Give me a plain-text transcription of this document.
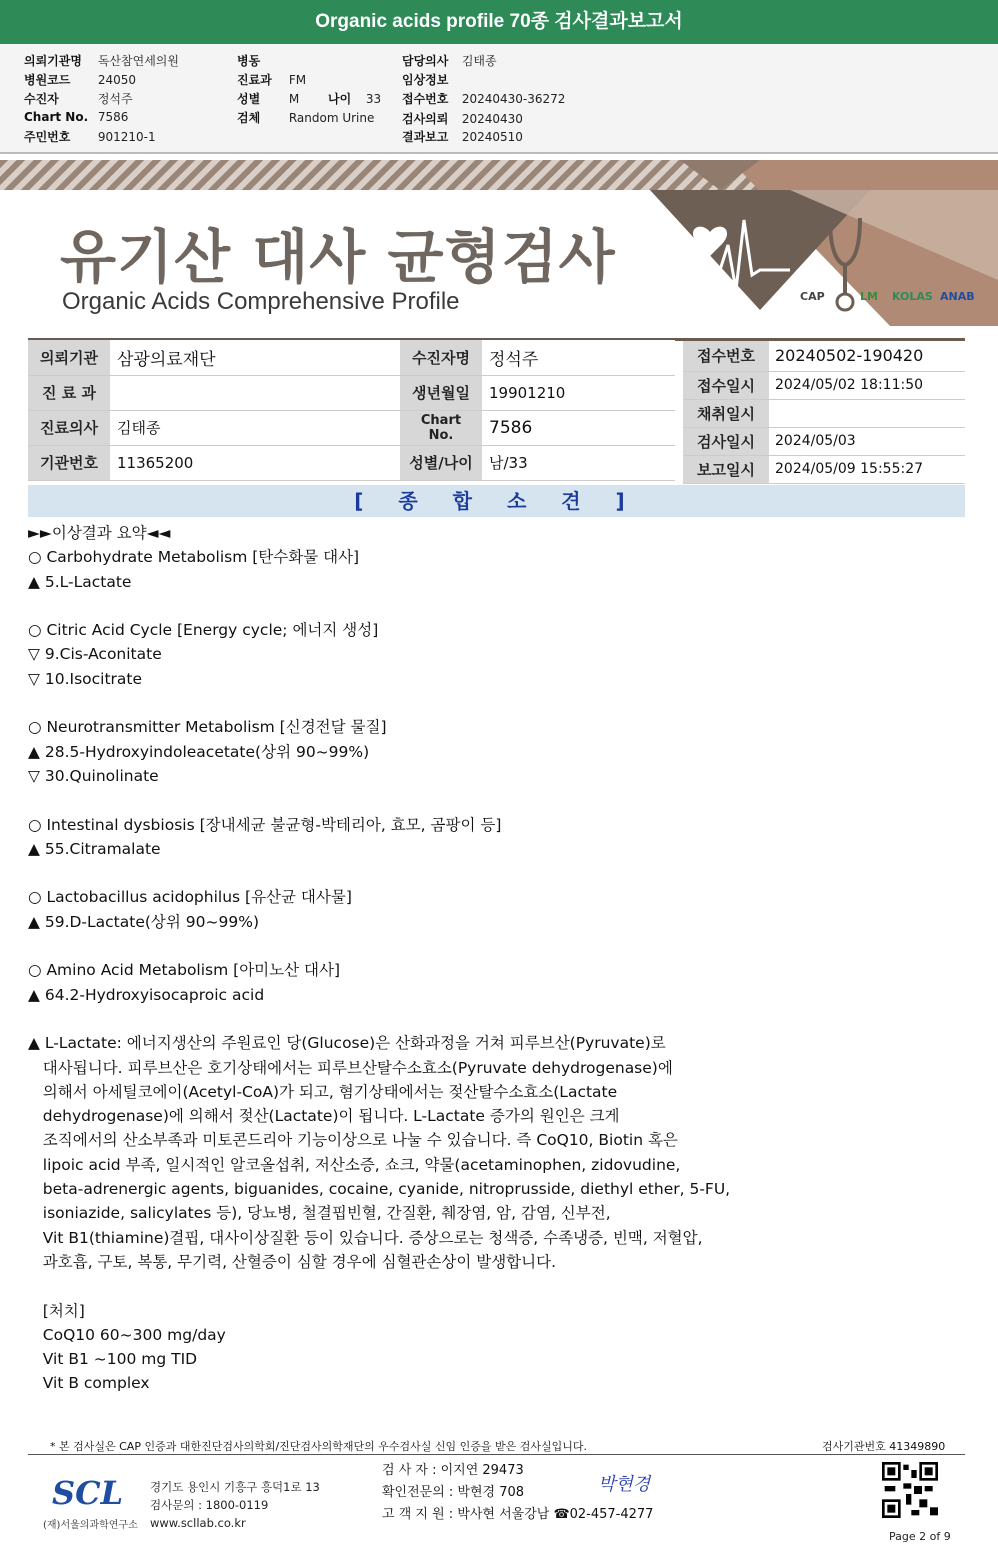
Organic acids profile 70종 검사결과보고서
의뢰기관명 독산참연세의원
병원코드 24050
수진자	정석주
Chart No. 7586
주민번호 901210-1
병동
진료과 FM
성별 M 나이 33
검체 Random Urine
담당의사 김태종
임상정보
접수번호 20240430-36272
검사의뢰 20240430
결과보고 20240510
CAP	LM KOLAS ANAB
유기산 대사 균형검사
Organic Acids Comprehensive Profile
의뢰기관	삼광의료재단	수진자명	정석주
진 료 과		생년월일	19901210
진료의사	김태종	Chart No.	7586
기관번호	11365200	성별/나이	남/33
접수번호	20240502-190420
접수일시	2024/05/02 18:11:50
채취일시	
검사일시	2024/05/03
보고일시	2024/05/09 15:55:27
[ 종 합 소 견 ]
►►이상결과 요약◄◄
○ Carbohydrate Metabolism [탄수화물 대사]
▲ 5.L-Lactate
○ Citric Acid Cycle [Energy cycle; 에너지 생성]
▽ 9.Cis-Aconitate
▽ 10.Isocitrate
○ Neurotransmitter Metabolism [신경전달 물질]
▲ 28.5-Hydroxyindoleacetate(상위 90~99%)
▽ 30.Quinolinate
○ Intestinal dysbiosis [장내세균 불균형-박테리아, 효모, 곰팡이 등]
▲ 55.Citramalate
○ Lactobacillus acidophilus [유산균 대사물]
▲ 59.D-Lactate(상위 90~99%)
○ Amino Acid Metabolism [아미노산 대사]
▲ 64.2-Hydroxyisocaproic acid
▲ L-Lactate: 에너지생산의 주원료인 당(Glucose)은 산화과정을 거쳐 피루브산(Pyruvate)로
대사됩니다. 피루브산은 호기상태에서는 피루브산탈수소효소(Pyruvate dehydrogenase)에
의해서 아세틸코에이(Acetyl-CoA)가 되고, 혐기상태에서는 젖산탈수소효소(Lactate
dehydrogenase)에 의해서 젖산(Lactate)이 됩니다. L-Lactate 증가의 원인은 크게
조직에서의 산소부족과 미토콘드리아 기능이상으로 나눌 수 있습니다. 즉 CoQ10, Biotin 혹은
lipoic acid 부족, 일시적인 알코올섭취, 저산소증, 쇼크, 약물(acetaminophen, zidovudine,
beta-adrenergic agents, biguanides, cocaine, cyanide, nitroprusside, diethyl ether, 5-FU,
isoniazide, salicylates 등), 당뇨병, 철결핍빈혈, 간질환, 췌장염, 암, 감염, 신부전,
Vit B1(thiamine)결핍, 대사이상질환 등이 있습니다. 증상으로는 청색증, 수족냉증, 빈맥, 저혈압,
과호흡, 구토, 복통, 무기력, 산혈증이 심할 경우에 심혈관손상이 발생합니다.
[처치]
CoQ10 60~300 mg/day
Vit B1 ~100 mg TID
Vit B complex
* 본 검사실은 CAP 인증과 대한진단검사의학회/진단검사의학재단의 우수검사실 신임 인증을 받은 검사실입니다.	검사기관번호 41349890
SCL
(재)서울의과학연구소
경기도 용인시 기흥구 흥덕1로 13
검사문의 : 1800-0119
www.scllab.co.kr
검 사 자 : 이지연 29473
확인전문의 : 박현경 708
고 객 지 원 : 박사현 서울강남 ☎02-457-4277
박현경
Page 2 of 9
